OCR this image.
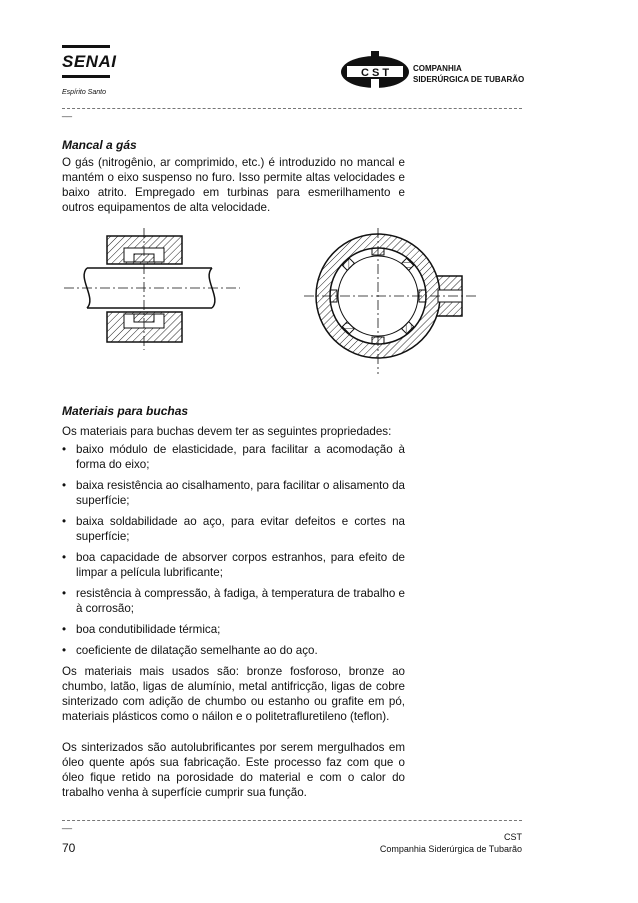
SENAI
Espírito Santo
C S T	COMPANHIA
SIDERÚRGICA DE TUBARÃO
__
Mancal a gás
O gás (nitrogênio, ar comprimido, etc.) é introduzido no mancal e mantém o eixo suspenso no furo. Isso permite altas velocidades e baixo atrito. Empregado em turbinas para esmerilhamento e outros equipamentos de alta velocidade.
Materiais para buchas
Os materiais para buchas devem ter as seguintes propriedades:
• baixo módulo de elasticidade, para facilitar a acomodação à forma do eixo;
• baixa resistência ao cisalhamento, para facilitar o alisamento da superfície;
• baixa soldabilidade ao aço, para evitar defeitos e cortes na superfície;
• boa capacidade de absorver corpos estranhos, para efeito de limpar a película lubrificante;
• resistência à compressão, à fadiga, à temperatura de trabalho e à corrosão;
• boa condutibilidade térmica;
• coeficiente de dilatação semelhante ao do aço.
Os materiais mais usados são: bronze fosforoso, bronze ao chumbo, latão, ligas de alumínio, metal antifricção, ligas de cobre sinterizado com adição de chumbo ou estanho ou grafite em pó, materiais plásticos como o náilon e o politetrafluretileno (teflon).
Os sinterizados são autolubrificantes por serem mergulhados em óleo quente após sua fabricação. Este processo faz com que o óleo fique retido na porosidade do material e com o calor do trabalho venha à superfície cumprir sua função.
__
70
CST
Companhia Siderúrgica de Tubarão
